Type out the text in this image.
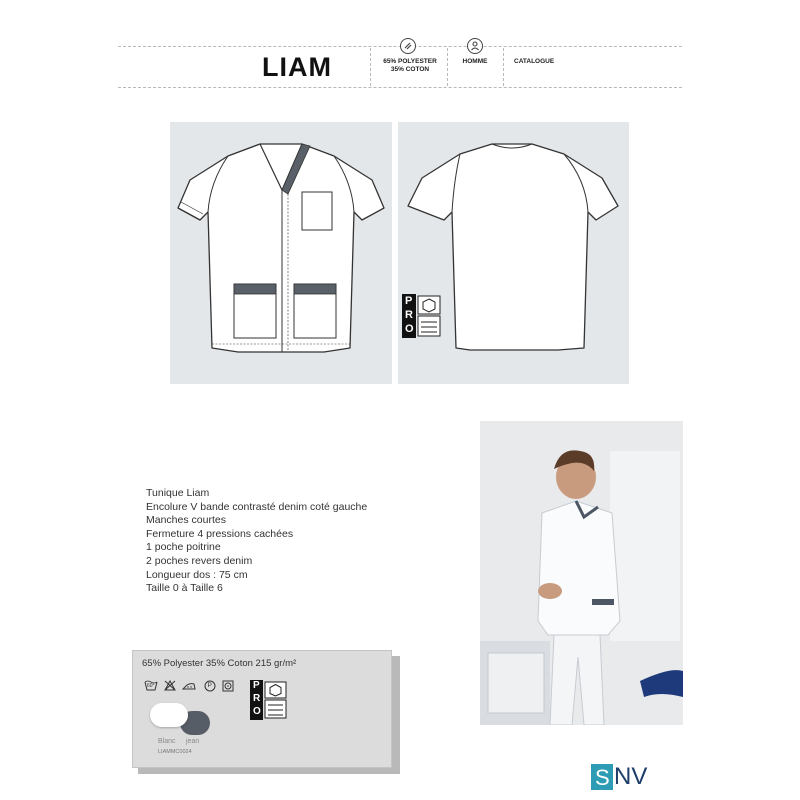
LIAM	65% POLYESTER
35% COTON
HOMME	CATALOGUE
P
R
O
Tunique Liam
Encolure V bande contrasté denim coté gauche
Manches courtes
Fermeture 4 pressions cachées
1 poche poitrine
2 poches revers denim
Longueur dos : 75 cm
Taille 0 à Taille 6
65% Polyester 35% Coton 215 gr/m²
60°	P	P
R
O
Blanc jean
LIAMMC0024
S NV
